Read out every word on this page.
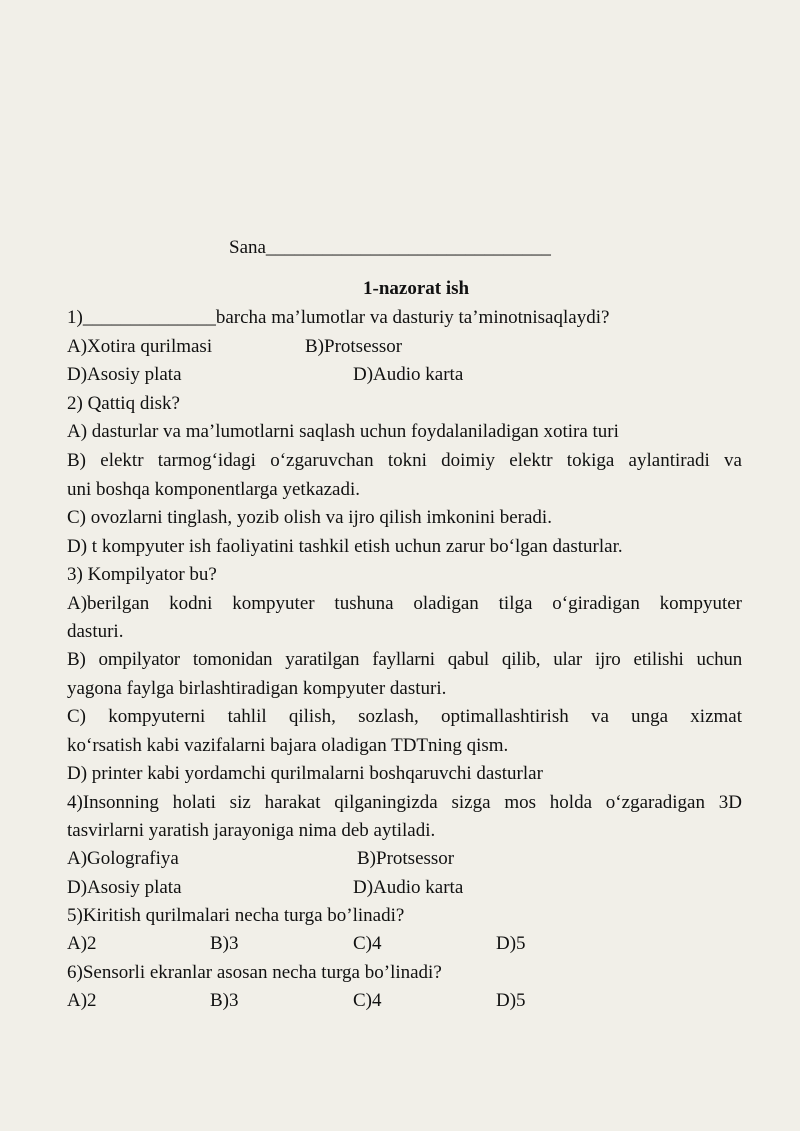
Sana______________________________
1-nazorat ish
1)______________barcha ma’lumotlar va dasturiy ta’minotnisaqlaydi?
A)Xotira qurilmasi	B)Protsessor
D)Asosiy plata	D)Audio karta
2) Qattiq disk?
A) dasturlar va ma’lumotlarni saqlash uchun foydalaniladigan xotira turi
B) elektr tarmog‘idagi o‘zgaruvchan tokni doimiy elektr tokiga aylantiradi va
uni boshqa komponentlarga yetkazadi.
C) ovozlarni tinglash, yozib olish va ijro qilish imkonini beradi.
D) t kompyuter ish faoliyatini tashkil etish uchun zarur bo‘lgan dasturlar.
3) Kompilyator bu?
A)berilgan kodni kompyuter tushuna oladigan tilga o‘giradigan kompyuter
dasturi.
B) ompilyator tomonidan yaratilgan fayllarni qabul qilib, ular ijro etilishi uchun
yagona faylga birlashtiradigan kompyuter dasturi.
C) kompyuterni tahlil qilish, sozlash, optimallashtirish va unga xizmat
ko‘rsatish kabi vazifalarni bajara oladigan TDTning qism.
D) printer kabi yordamchi qurilmalarni boshqaruvchi dasturlar
4)Insonning holati siz harakat qilganingizda sizga mos holda o‘zgaradigan 3D
tasvirlarni yaratish jarayoniga nima deb aytiladi.
A)Golografiya	B)Protsessor
D)Asosiy plata	D)Audio karta
5)Kiritish qurilmalari necha turga bo’linadi?
A)2	B)3	C)4	D)5
6)Sensorli ekranlar asosan necha turga bo’linadi?
A)2	B)3	C)4	D)5
